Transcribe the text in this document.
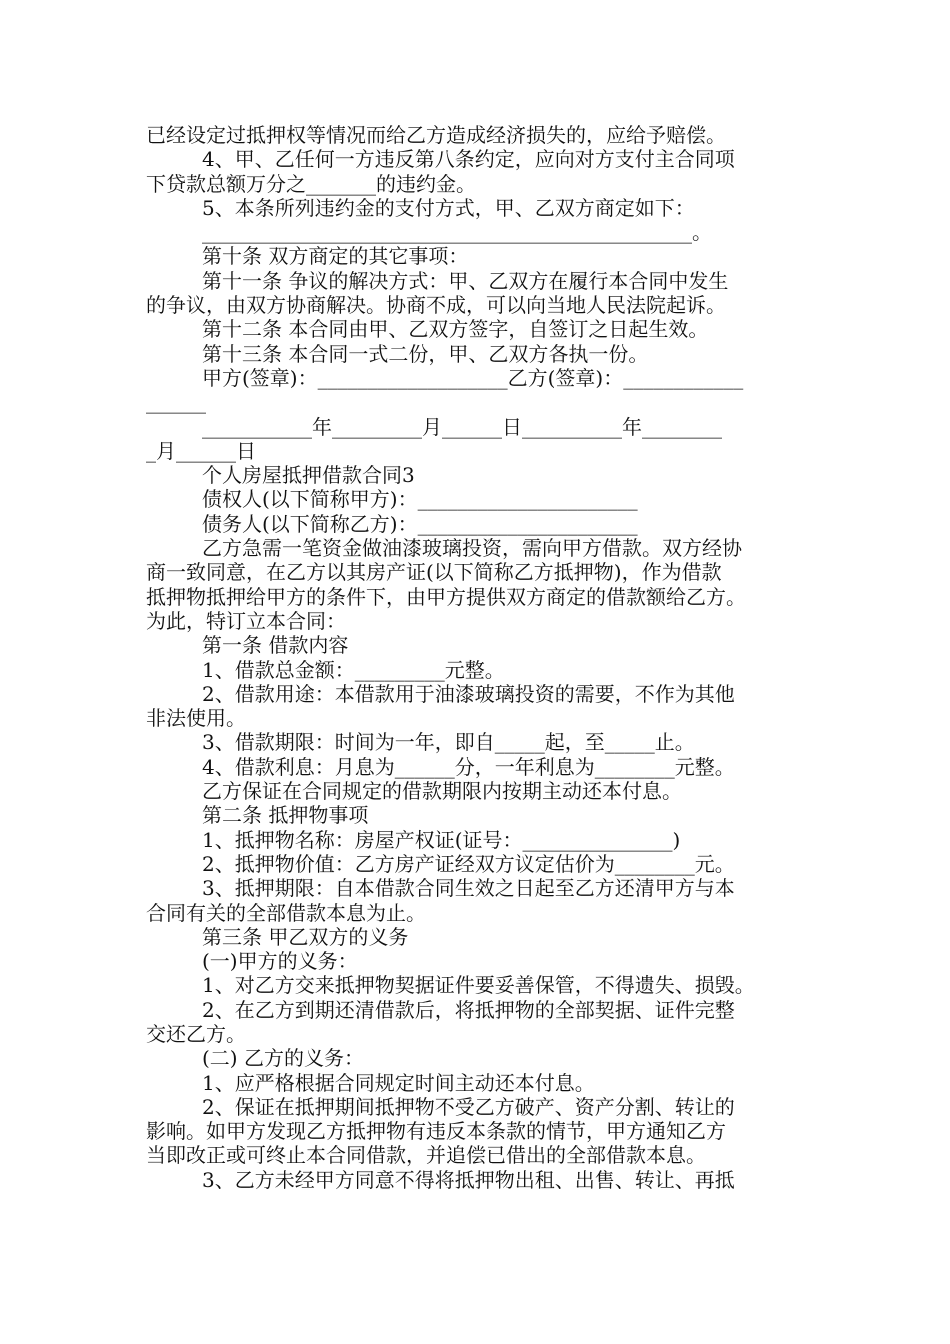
已经设定过抵押权等情况而给乙方造成经济损失的，应给予赔偿。
4、甲、乙任何一方违反第八条约定，应向对方支付主合同项
下贷款总额万分之_______的违约金。
5、本条所列违约金的支付方式，甲、乙双方商定如下：
_________________________________________________。
第十条 双方商定的其它事项：
第十一条 争议的解决方式：甲、乙双方在履行本合同中发生
的争议，由双方协商解决。协商不成，可以向当地人民法院起诉。
第十二条 本合同由甲、乙双方签字，自签订之日起生效。
第十三条 本合同一式二份，甲、乙双方各执一份。
甲方(签章)：___________________乙方(签章)：____________
______
___________年_________月______日__________年________
_月______日
个人房屋抵押借款合同3
债权人(以下简称甲方)：______________________
债务人(以下简称乙方)：______________________
乙方急需一笔资金做油漆玻璃投资，需向甲方借款。双方经协
商一致同意，在乙方以其房产证(以下简称乙方抵押物)，作为借款
抵押物抵押给甲方的条件下，由甲方提供双方商定的借款额给乙方。
为此，特订立本合同：
第一条 借款内容
1、借款总金额：_________元整。
2、借款用途：本借款用于油漆玻璃投资的需要，不作为其他
非法使用。
3、借款期限：时间为一年，即自_____起，至_____止。
4、借款利息：月息为______分，一年利息为________元整。
乙方保证在合同规定的借款期限内按期主动还本付息。
第二条 抵押物事项
1、抵押物名称：房屋产权证(证号：_______________)
2、抵押物价值：乙方房产证经双方议定估价为________元。
3、抵押期限：自本借款合同生效之日起至乙方还清甲方与本
合同有关的全部借款本息为止。
第三条 甲乙双方的义务
(一)甲方的义务：
1、对乙方交来抵押物契据证件要妥善保管，不得遗失、损毁。
2、在乙方到期还清借款后，将抵押物的全部契据、证件完整
交还乙方。
(二) 乙方的义务：
1、应严格根据合同规定时间主动还本付息。
2、保证在抵押期间抵押物不受乙方破产、资产分割、转让的
影响。如甲方发现乙方抵押物有违反本条款的情节，甲方通知乙方
当即改正或可终止本合同借款，并追偿已借出的全部借款本息。
3、乙方未经甲方同意不得将抵押物出租、出售、转让、再抵
